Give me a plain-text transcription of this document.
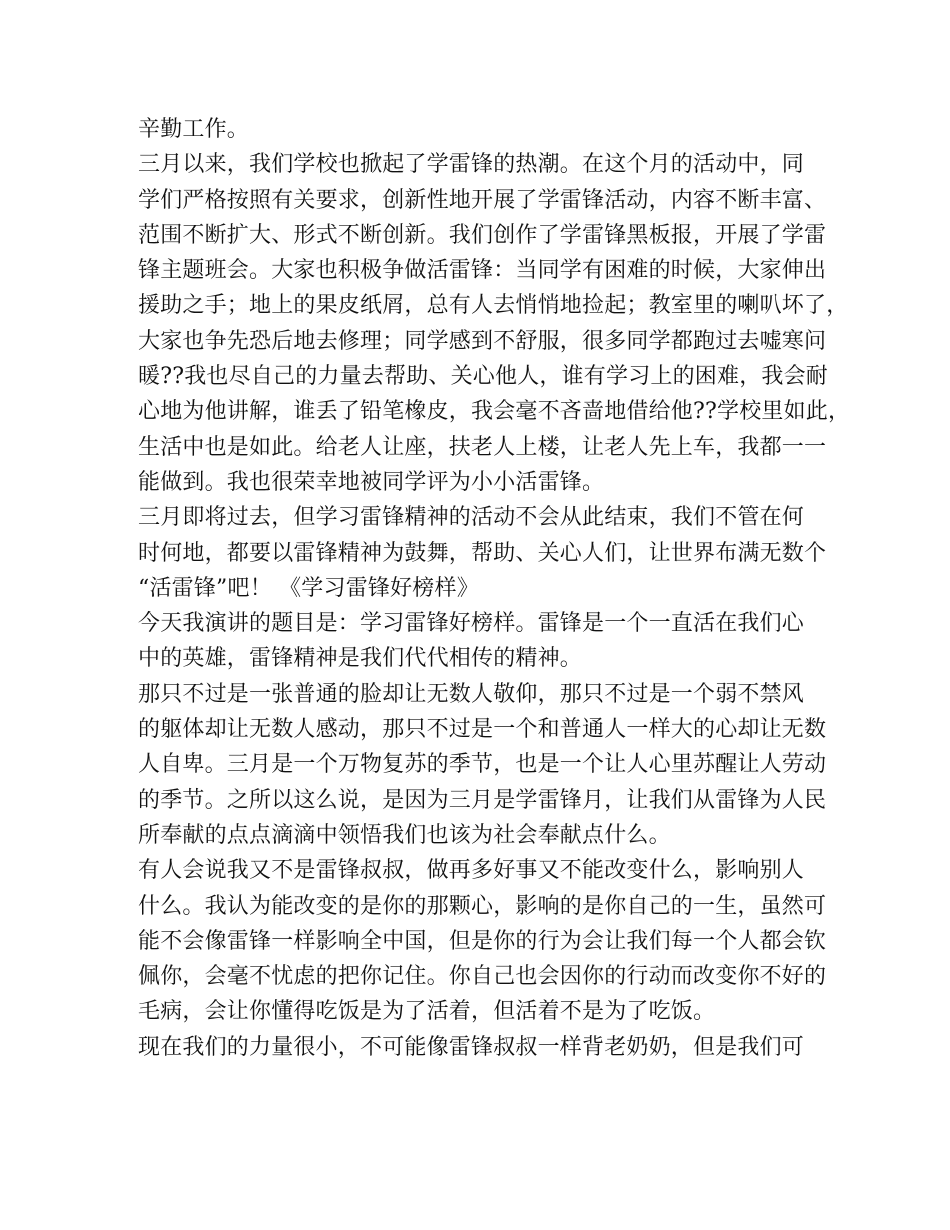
辛勤工作。
三月以来，我们学校也掀起了学雷锋的热潮。在这个月的活动中，同
学们严格按照有关要求，创新性地开展了学雷锋活动，内容不断丰富、
范围不断扩大、形式不断创新。我们创作了学雷锋黑板报，开展了学雷
锋主题班会。大家也积极争做活雷锋：当同学有困难的时候，大家伸出
援助之手；地上的果皮纸屑，总有人去悄悄地捡起；教室里的喇叭坏了，
大家也争先恐后地去修理；同学感到不舒服，很多同学都跑过去嘘寒问
暖??我也尽自己的力量去帮助、关心他人，谁有学习上的困难，我会耐
心地为他讲解，谁丢了铅笔橡皮，我会毫不吝啬地借给他??学校里如此，
生活中也是如此。给老人让座，扶老人上楼，让老人先上车，我都一一
能做到。我也很荣幸地被同学评为小小活雷锋。
三月即将过去，但学习雷锋精神的活动不会从此结束，我们不管在何
时何地，都要以雷锋精神为鼓舞，帮助、关心人们，让世界布满无数个
“活雷锋”吧！ 《学习雷锋好榜样》
今天我演讲的题目是：学习雷锋好榜样。雷锋是一个一直活在我们心
中的英雄，雷锋精神是我们代代相传的精神。
那只不过是一张普通的脸却让无数人敬仰，那只不过是一个弱不禁风
的躯体却让无数人感动，那只不过是一个和普通人一样大的心却让无数
人自卑。三月是一个万物复苏的季节，也是一个让人心里苏醒让人劳动
的季节。之所以这么说，是因为三月是学雷锋月，让我们从雷锋为人民
所奉献的点点滴滴中领悟我们也该为社会奉献点什么。
有人会说我又不是雷锋叔叔，做再多好事又不能改变什么，影响别人
什么。我认为能改变的是你的那颗心，影响的是你自己的一生，虽然可
能不会像雷锋一样影响全中国，但是你的行为会让我们每一个人都会钦
佩你，会毫不忧虑的把你记住。你自己也会因你的行动而改变你不好的
毛病，会让你懂得吃饭是为了活着，但活着不是为了吃饭。
现在我们的力量很小，不可能像雷锋叔叔一样背老奶奶，但是我们可
